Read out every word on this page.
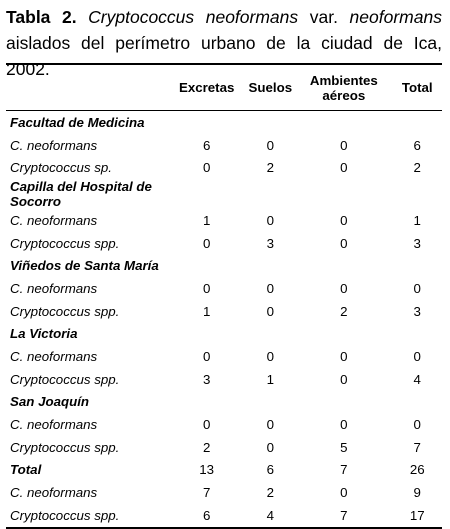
Tabla 2. Cryptococcus neoformans var. neoformans aislados del perímetro urbano de la ciudad de Ica, 2002.
	Excretas	Suelos	Ambientes aéreos	Total
Facultad de Medicina				
C. neoformans	6	0	0	6
Cryptococcus sp.	0	2	0	2
Capilla del Hospital de Socorro				
C. neoformans	1	0	0	1
Cryptococcus spp.	0	3	0	3
Viñedos de Santa María				
C. neoformans	0	0	0	0
Cryptococcus spp.	1	0	2	3
La Victoria				
C. neoformans	0	0	0	0
Cryptococcus spp.	3	1	0	4
San Joaquín				
C. neoformans	0	0	0	0
Cryptococcus spp.	2	0	5	7
Total	13	6	7	26
C. neoformans	7	2	0	9
Cryptococcus spp.	6	4	7	17
